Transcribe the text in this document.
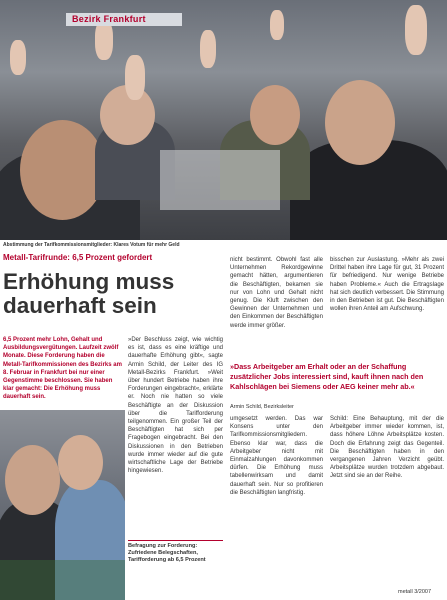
Bezirk Frankfurt
Abstimmung der Tarifkommissionsmitglieder: Klares Votum für mehr Geld
Metall-Tarifrunde: 6,5 Prozent gefordert
Erhöhung muss dauerhaft sein
6,5 Prozent mehr Lohn, Gehalt und Ausbildungsvergütungen. Laufzeit zwölf Monate. Diese Forderung haben die Metall-Tarifkommissionen des Bezirks am 8. Februar in Frankfurt bei nur einer Gegenstimme beschlossen. Sie haben klar gemacht: Die Erhöhung muss dauerhaft sein.
»Der Beschluss zeigt, wie wichtig es ist, dass es eine kräftige und dauerhafte Erhöhung gibt«, sagte Armin Schild, der Leiter des IG Metall-Bezirks Frankfurt. »Weit über hundert Betriebe haben ihre Forderungen eingebracht«, erklärte er. Noch nie hatten so viele Beschäftigte an der Diskussion über die Tarifforderung teilgenommen. Ein großer Teil der Beschäftigten hat sich per Fragebogen eingebracht. Bei den Diskussionen in den Betrieben wurde immer wieder auf die gute wirtschaftliche Lage der Betriebe hingewiesen.
nicht bestimmt. Obwohl fast alle Unternehmen Rekordgewinne gemacht hätten, argumentieren die Beschäftigten, bekamen sie nur von Lohn und Gehalt nicht genug. Die Kluft zwischen den Gewinnen der Unternehmen und den Einkommen der Beschäftigten werde immer größer.
bisschen zur Auslastung. »Mehr als zwei Drittel haben ihre Lage für gut, 31 Prozent für befriedigend. Nur wenige Betriebe haben Probleme.« Auch die Ertragslage hat sich deutlich verbessert. Die Stimmung in den Betrieben ist gut. Die Beschäftigten wollen ihren Anteil am Aufschwung.
»Dass Arbeitgeber am Erhalt oder an der Schaffung zusätzlicher Jobs interessiert sind, kauft ihnen nach den Kahlschlägen bei Siemens oder AEG keiner mehr ab.«
Armin Schild, Bezirksleiter
umgesetzt werden. Das war Konsens unter den Tarifkommissionsmitgliedern. Ebenso klar war, dass die Arbeitgeber nicht mit Einmalzahlungen davonkommen dürfen. Die Erhöhung muss tabellenwirksam und damit dauerhaft sein. Nur so profitieren die Beschäftigten langfristig.
Schild: Eine Behauptung, mit der die Arbeitgeber immer wieder kommen, ist, dass höhere Löhne Arbeitsplätze kosten. Doch die Erfahrung zeigt das Gegenteil. Die Beschäftigten haben in den vergangenen Jahren Verzicht geübt. Arbeitsplätze wurden trotzdem abgebaut. Jetzt sind sie an der Reihe.
Befragung zur Forderung: Zufriedene Belegschaften, Tarifforderung ab 6,5 Prozent
metall 3/2007
